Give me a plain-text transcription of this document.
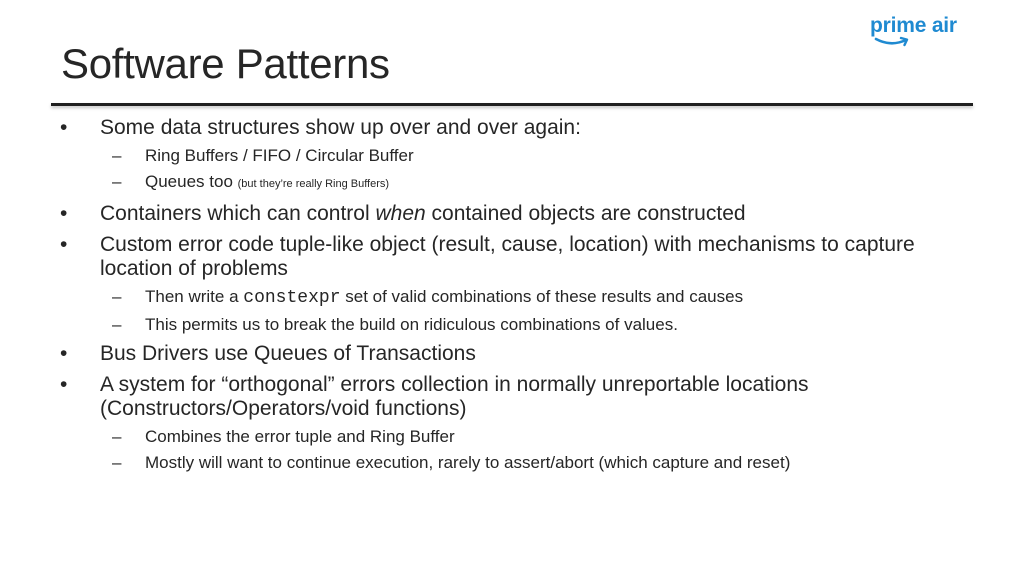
Software Patterns
prime air
• Some data structures show up over and over again:
– Ring Buffers / FIFO / Circular Buffer
– Queues too (but they’re really Ring Buffers)
• Containers which can control when contained objects are constructed
• Custom error code tuple-like object (result, cause, location) with mechanisms to capture location of problems
– Then write a constexpr set of valid combinations of these results and causes
– This permits us to break the build on ridiculous combinations of values.
• Bus Drivers use Queues of Transactions
• A system for “orthogonal” errors collection in normally unreportable locations (Constructors/Operators/void functions)
– Combines the error tuple and Ring Buffer
– Mostly will want to continue execution, rarely to assert/abort (which capture and reset)
